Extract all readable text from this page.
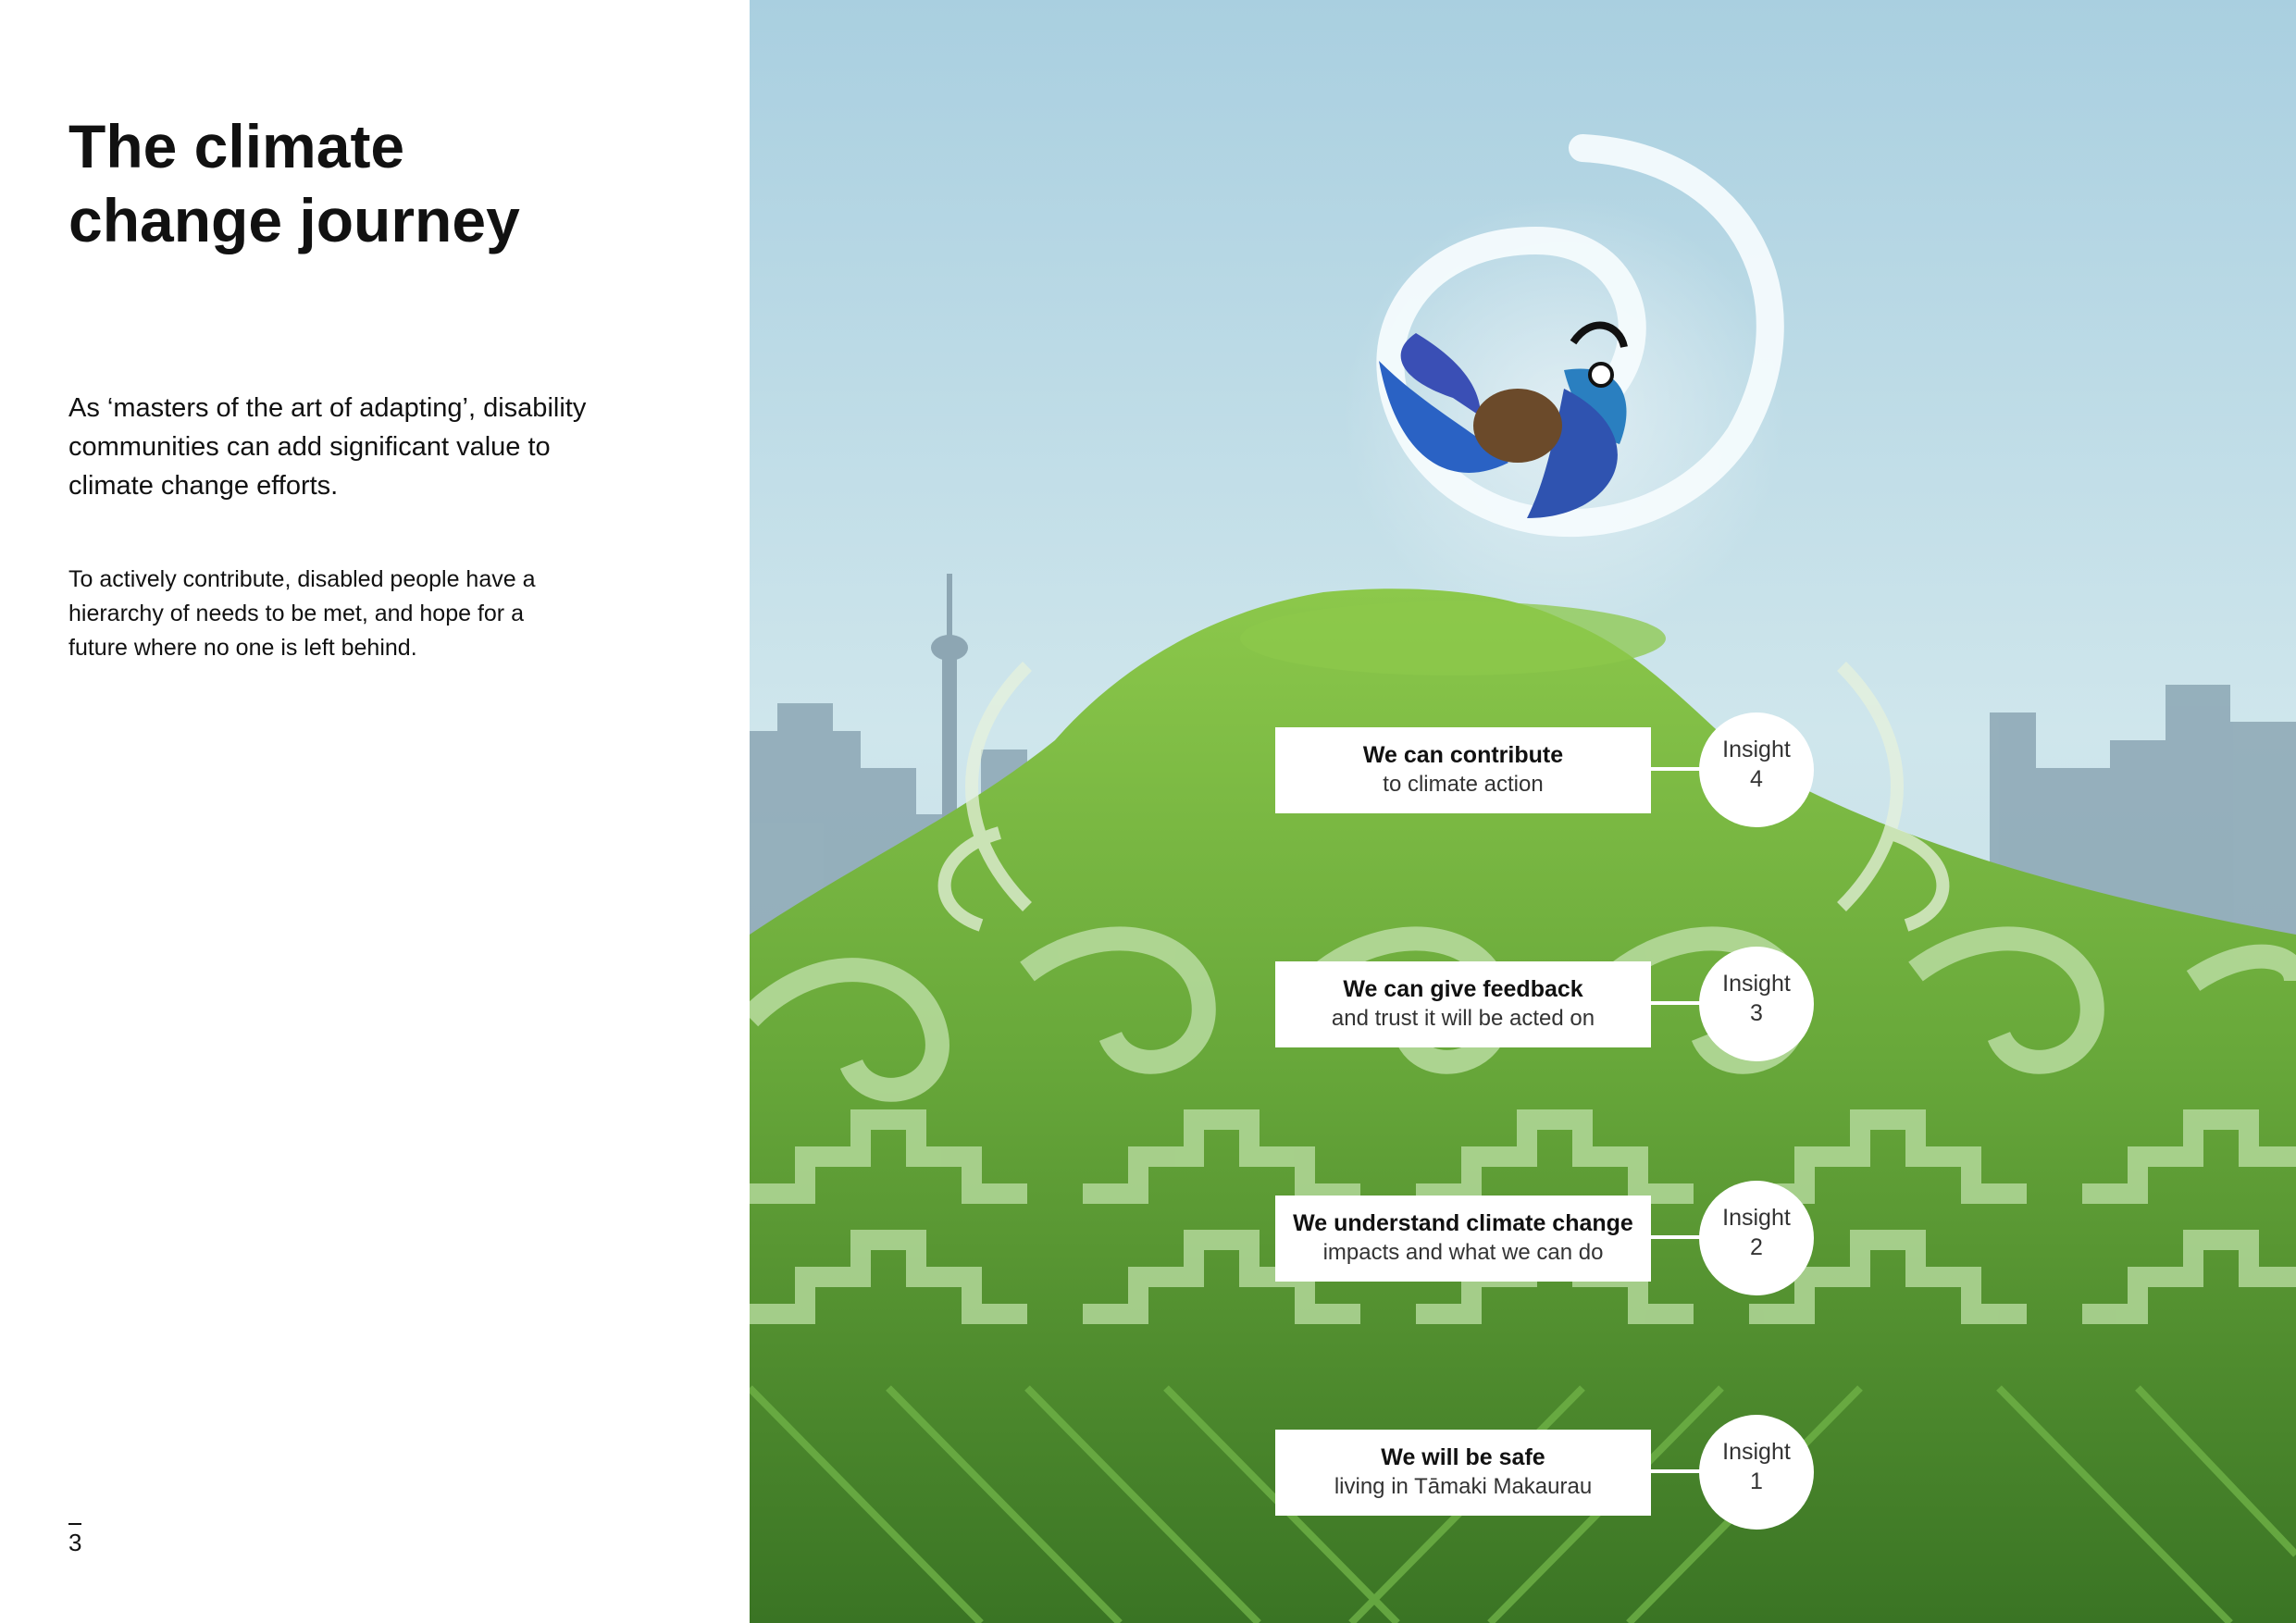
The climate
change journey

As ‘masters of the art of adapting’, disability communities can add significant value to climate change efforts.

To actively contribute, disabled people have a hierarchy of needs to be met, and hope for a future where no one is left behind.

3
We can contribute
to climate action
Insight
4
We can give feedback
and trust it will be acted on
Insight
3
We understand climate change
impacts and what we can do
Insight
2
We will be safe
living in Tāmaki Makaurau
Insight
1
